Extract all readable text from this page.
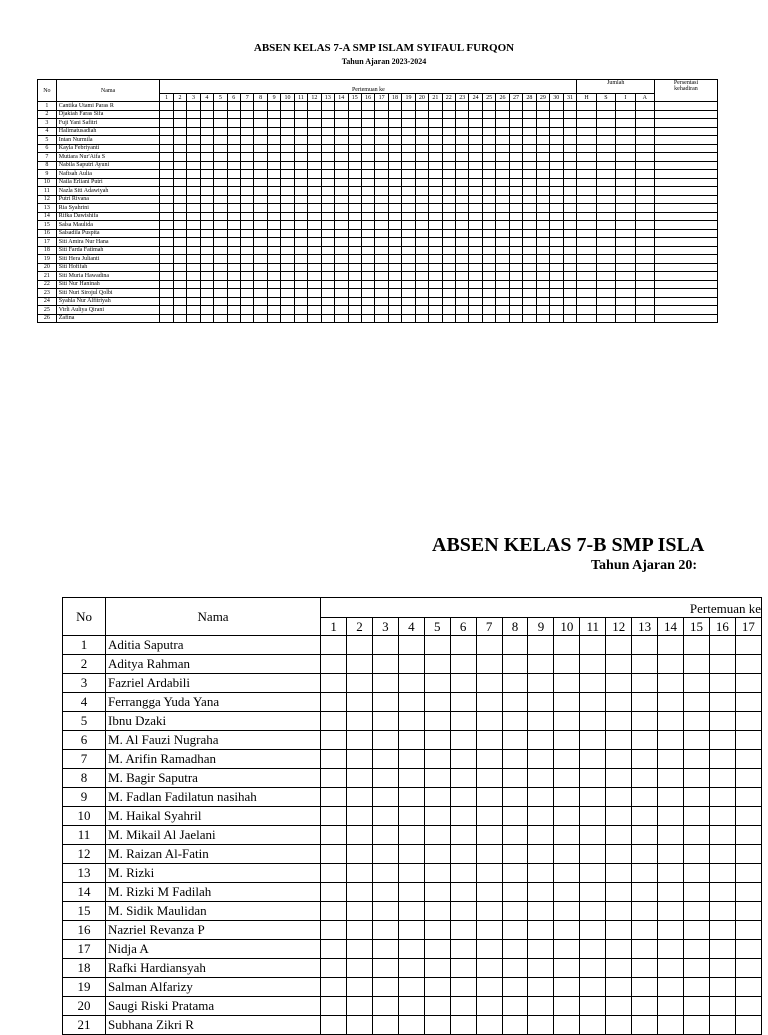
ABSEN KELAS 7-A SMP ISLAM SYIFAUL FURQON
Tahun Ajaran 2023-2024
No	Nama	Pertemuan ke																															Jumlah				Persentasi
kehadiran

		1	2	3	4	5	6	7	8	9	10	11	12	13	14	15	16	17	18	19	20	21	22	23	24	25	26	27	28	29	30	31	H	S	I	A	
1	Cantika Utami Paras R																																				
2	Djakiah Faras Sifa																																				
3	Fuji Yani Safitri																																				
4	Halimatusadiah																																				
5	Intan Nurmila																																				
6	Kayla Febriyanti																																				
7	Mutiara Nur'Aifa S																																				
8	Nabila Saputri Ayuni																																				
9	Nafisah Aulia																																				
10	Naila Erliani Putri																																				
11	Nazla Siti Adawiyah																																				
12	Putri Rivana																																				
13	Ria Syahrini																																				
14	Rifka Dawishifa																																				
15	Salsa Maulida																																				
16	Salsadila Puspita																																				
17	Siti Amira Nur Hana																																				
18	Siti Farda Fatimah																																				
19	Siti Hera Julianti																																				
20	Siti Hofifah																																				
21	Siti Muria Hawadina																																				
22	Siti Nur Haninah																																				
23	Siti Nuri Sirojul Qolbi																																				
24	Syahla Nur Alfitriyah																																				
25	Virli Auliya Qirani																																				
26	Zafina																																				
ABSEN KELAS 7-B SMP ISLA
Tahun Ajaran 20:
No	Nama	Pertemuan ke																
		1	2	3	4	5	6	7	8	9	10	11	12	13	14	15	16	17
1	Aditia Saputra																	
2	Aditya Rahman																	
3	Fazriel Ardabili																	
4	Ferrangga Yuda Yana																	
5	Ibnu Dzaki																	
6	M. Al Fauzi Nugraha																	
7	M. Arifin Ramadhan																	
8	M. Bagir Saputra																	
9	M. Fadlan Fadilatun nasihah																	
10	M. Haikal Syahril																	
11	M. Mikail Al Jaelani																	
12	M. Raizan Al-Fatin																	
13	M. Rizki																	
14	M. Rizki M Fadilah																	
15	M. Sidik Maulidan																	
16	Nazriel Revanza P																	
17	Nidja A																	
18	Rafki Hardiansyah																	
19	Salman Alfarizy																	
20	Saugi Riski Pratama																	
21	Subhana Zikri R																	
